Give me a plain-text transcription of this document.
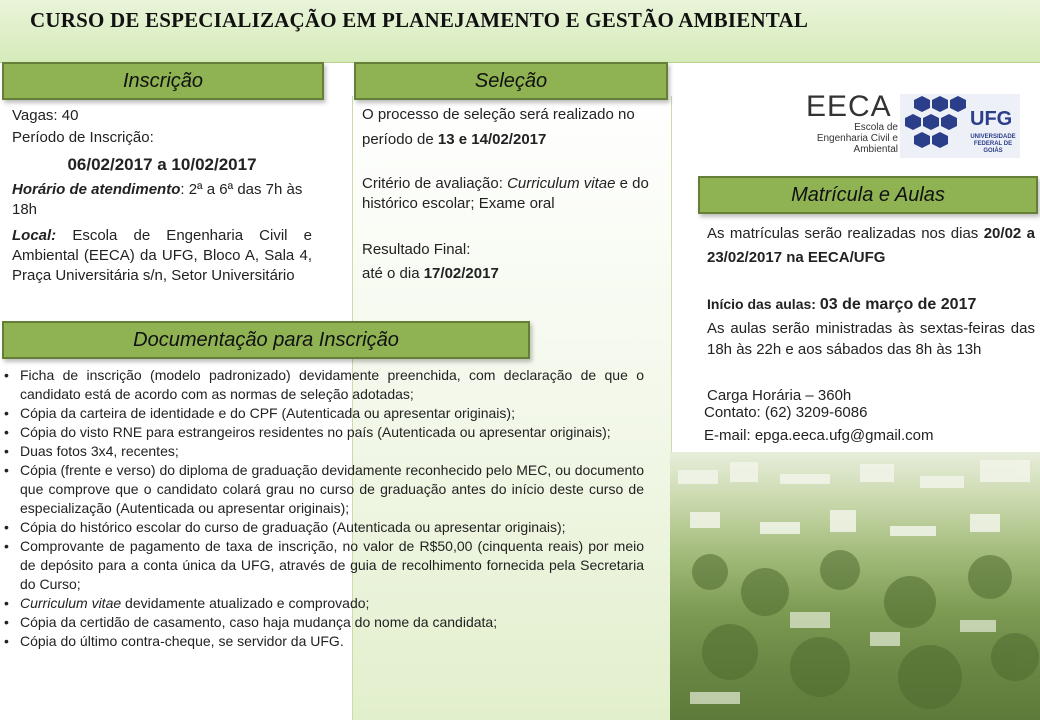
CURSO DE ESPECIALIZAÇÃO EM PLANEJAMENTO E GESTÃO AMBIENTAL
Inscrição	Seleção
Matrícula e Aulas
Documentação para Inscrição
Vagas: 40
Período de Inscrição:
06/02/2017 a 10/02/2017
Horário de atendimento: 2ª a 6ª das 7h às 18h
Local: Escola de Engenharia Civil e Ambiental (EECA) da UFG, Bloco A, Sala 4, Praça Universitária s/n, Setor Universitário
O processo de seleção será realizado no período de 13 e 14/02/2017
Critério de avaliação: Curriculum vitae e do histórico escolar; Exame oral
Resultado Final:
até o dia 17/02/2017
EECA
Escola de Engenharia Civil e Ambiental
UFG
UNIVERSIDADE FEDERAL DE GOIÁS
As matrículas serão realizadas nos dias 20/02 a 23/02/2017 na EECA/UFG
Início das aulas: 03 de março de 2017
As aulas serão ministradas às sextas-feiras das 18h às 22h e aos sábados das 8h às 13h
Carga Horária – 360h
Contato: (62) 3209-6086
E-mail: epga.eeca.ufg@gmail.com
• Ficha de inscrição (modelo padronizado) devidamente preenchida, com declaração de que o candidato está de acordo com as normas de seleção adotadas;
• Cópia da carteira de identidade e do CPF (Autenticada ou apresentar originais);
• Cópia do visto RNE para estrangeiros residentes no país (Autenticada ou apresentar originais);
• Duas fotos 3x4, recentes;
• Cópia (frente e verso) do diploma de graduação devidamente reconhecido pelo MEC, ou documento que comprove que o candidato colará grau no curso de graduação antes do início deste curso de especialização (Autenticada ou apresentar originais);
• Cópia do histórico escolar do curso de graduação (Autenticada ou apresentar originais);
• Comprovante de pagamento de taxa de inscrição, no valor de R$50,00 (cinquenta reais) por meio de depósito para a conta única da UFG, através de guia de recolhimento fornecida pela Secretaria do Curso;
• Curriculum vitae devidamente atualizado e comprovado;
• Cópia da certidão de casamento, caso haja mudança do nome da candidata;
• Cópia do último contra-cheque, se servidor da UFG.
